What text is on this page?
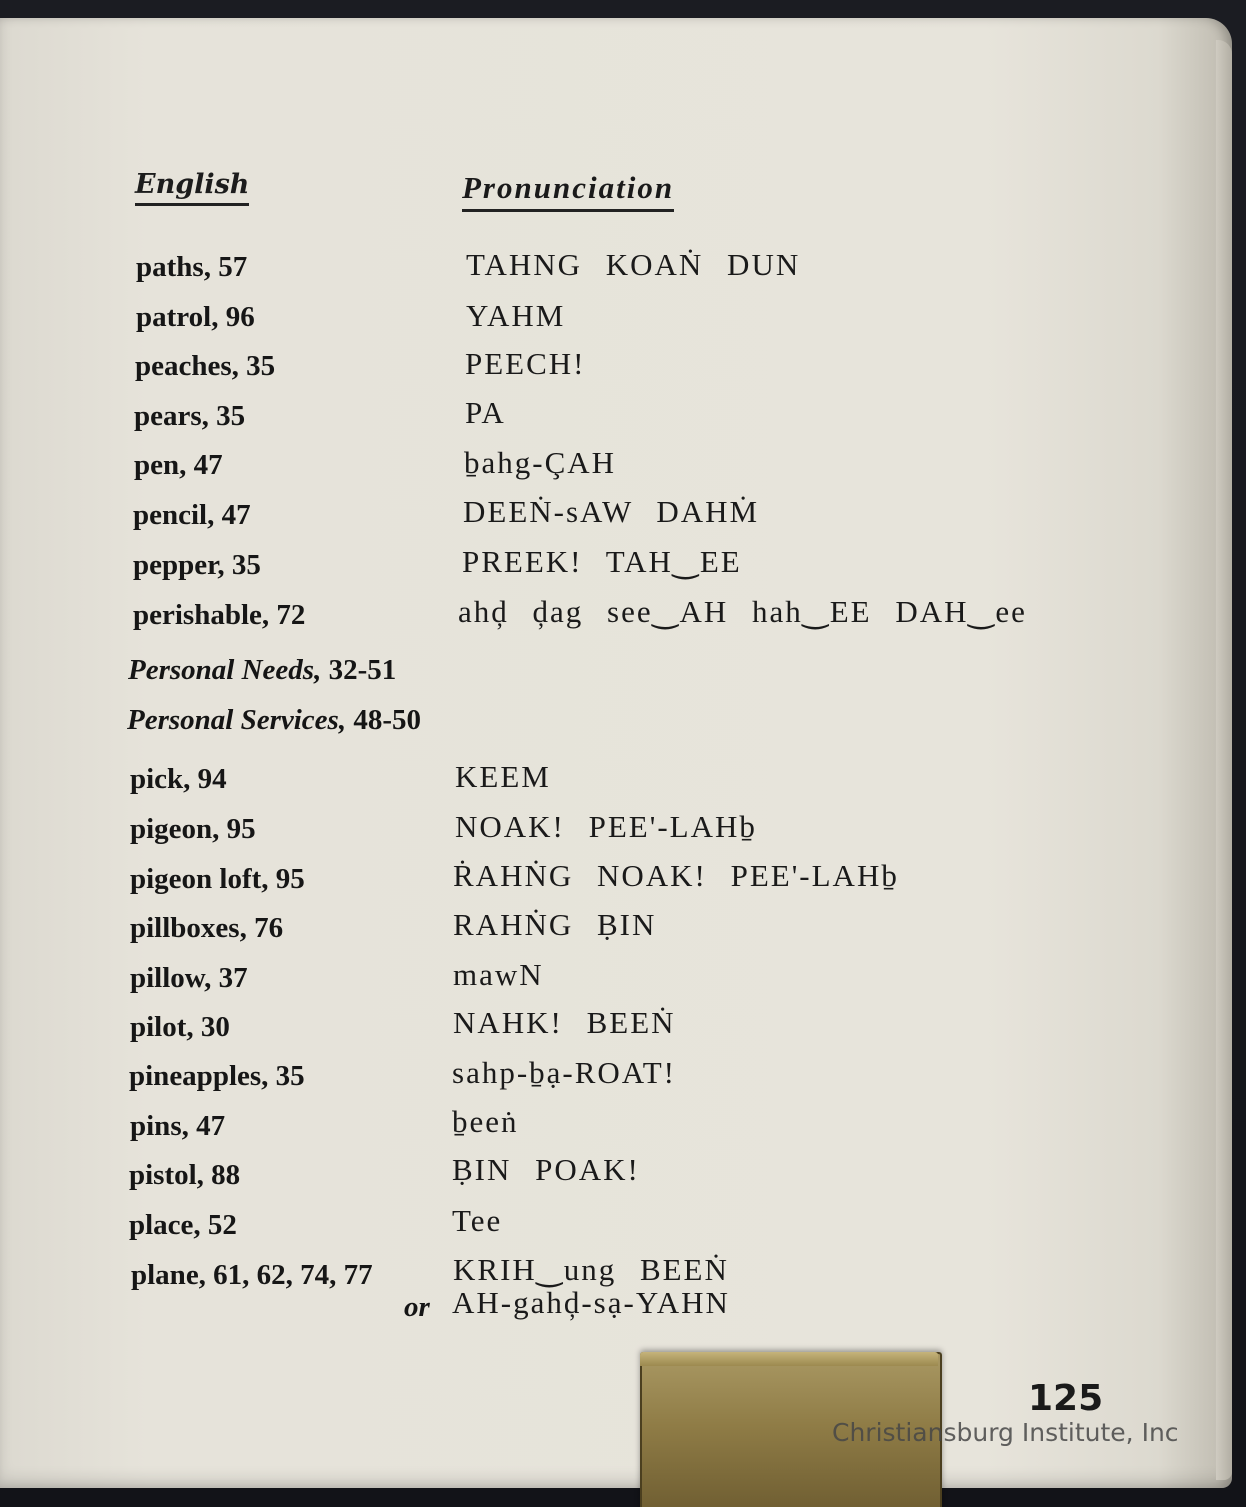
English	Pronunciation
paths, 57	TAHNG KOAṄ DUN
patrol, 96	YAHM
peaches, 35	PEECH!
pears, 35	PA
pen, 47	ḇahg-ÇAH
pencil, 47	DEEṄ-sAW DAHṀ
pepper, 35	PREEK! TAH‿EE
perishable, 72	ahḑ ḑag see‿AH hah‿EE DAH‿ee
Personal Needs, 32-51
Personal Services, 48-50
pick, 94	KEEM
pigeon, 95	NOAK! PEE'-LAHḇ
pigeon loft, 95	ṘAHṄG NOAK! PEE'-LAHḇ
pillboxes, 76	RAHṄG ḄIN
pillow, 37	mawN
pilot, 30	NAHK! BEEṄ
pineapples, 35	sahp-ḇạ-ROAT!
pins, 47	ḇeeṅ
pistol, 88	ḄIN POAK!
place, 52	Tee
plane, 61, 62, 74, 77	KRIH‿ung BEEṄ
or AH-gahḑ-sạ-YAHN
125
Christiansburg Institute, Inc
